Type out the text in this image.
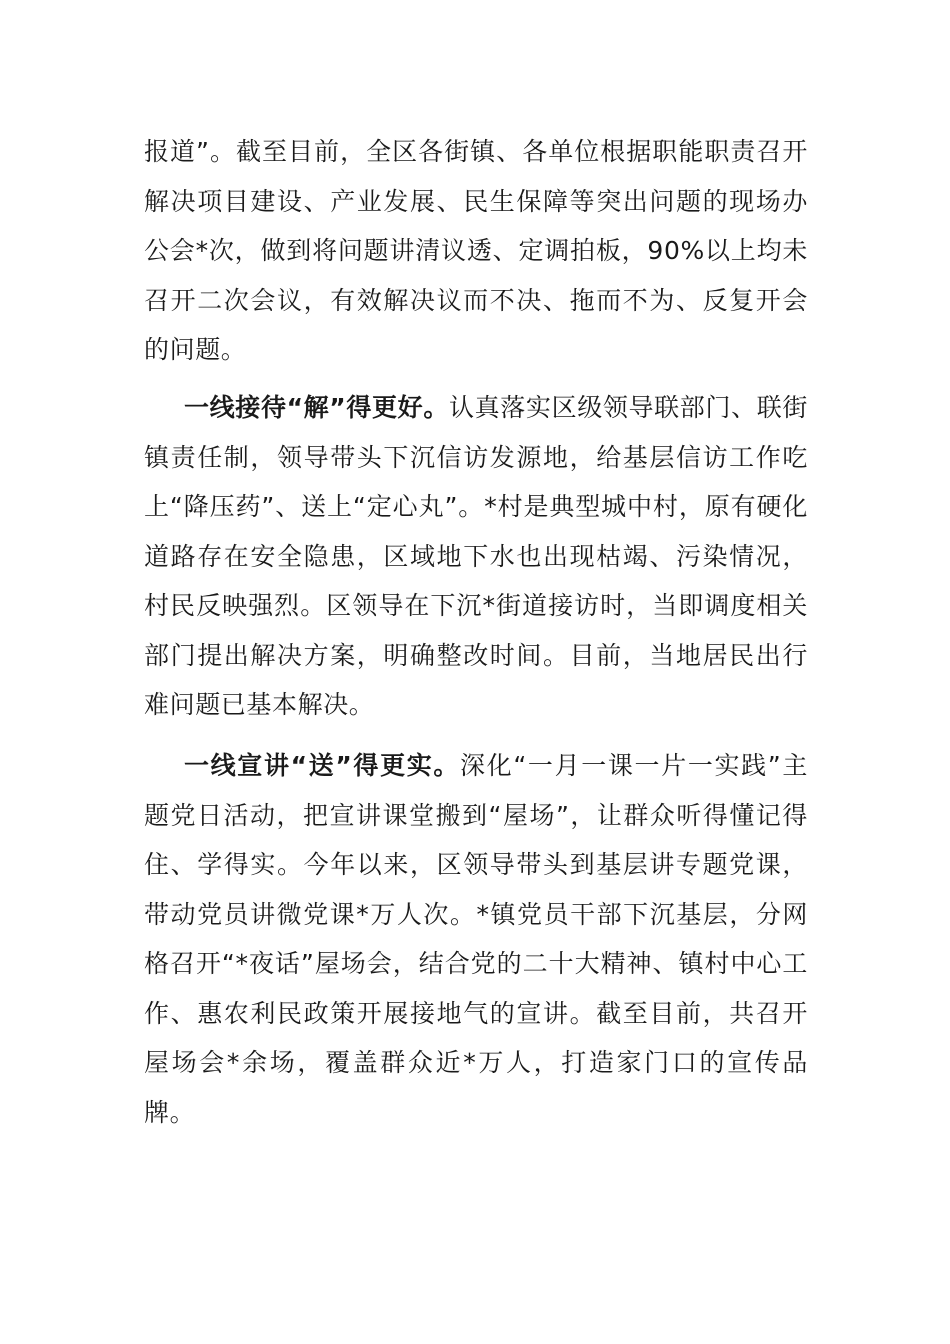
报道”。截至目前，全区各街镇、各单位根据职能职责召开解决项目建设、产业发展、民生保障等突出问题的现场办公会*次，做到将问题讲清议透、定调拍板，90%以上均未召开二次会议，有效解决议而不决、拖而不为、反复开会的问题。

一线接待“解”得更好。认真落实区级领导联部门、联街镇责任制，领导带头下沉信访发源地，给基层信访工作吃上“降压药”、送上“定心丸”。*村是典型城中村，原有硬化道路存在安全隐患，区域地下水也出现枯竭、污染情况，村民反映强烈。区领导在下沉*街道接访时，当即调度相关部门提出解决方案，明确整改时间。目前，当地居民出行难问题已基本解决。

一线宣讲“送”得更实。深化“一月一课一片一实践”主题党日活动，把宣讲课堂搬到“屋场”，让群众听得懂记得住、学得实。今年以来，区领导带头到基层讲专题党课，带动党员讲微党课*万人次。*镇党员干部下沉基层，分网格召开“*夜话”屋场会，结合党的二十大精神、镇村中心工作、惠农利民政策开展接地气的宣讲。截至目前，共召开屋场会*余场，覆盖群众近*万人，打造家门口的宣传品牌。
